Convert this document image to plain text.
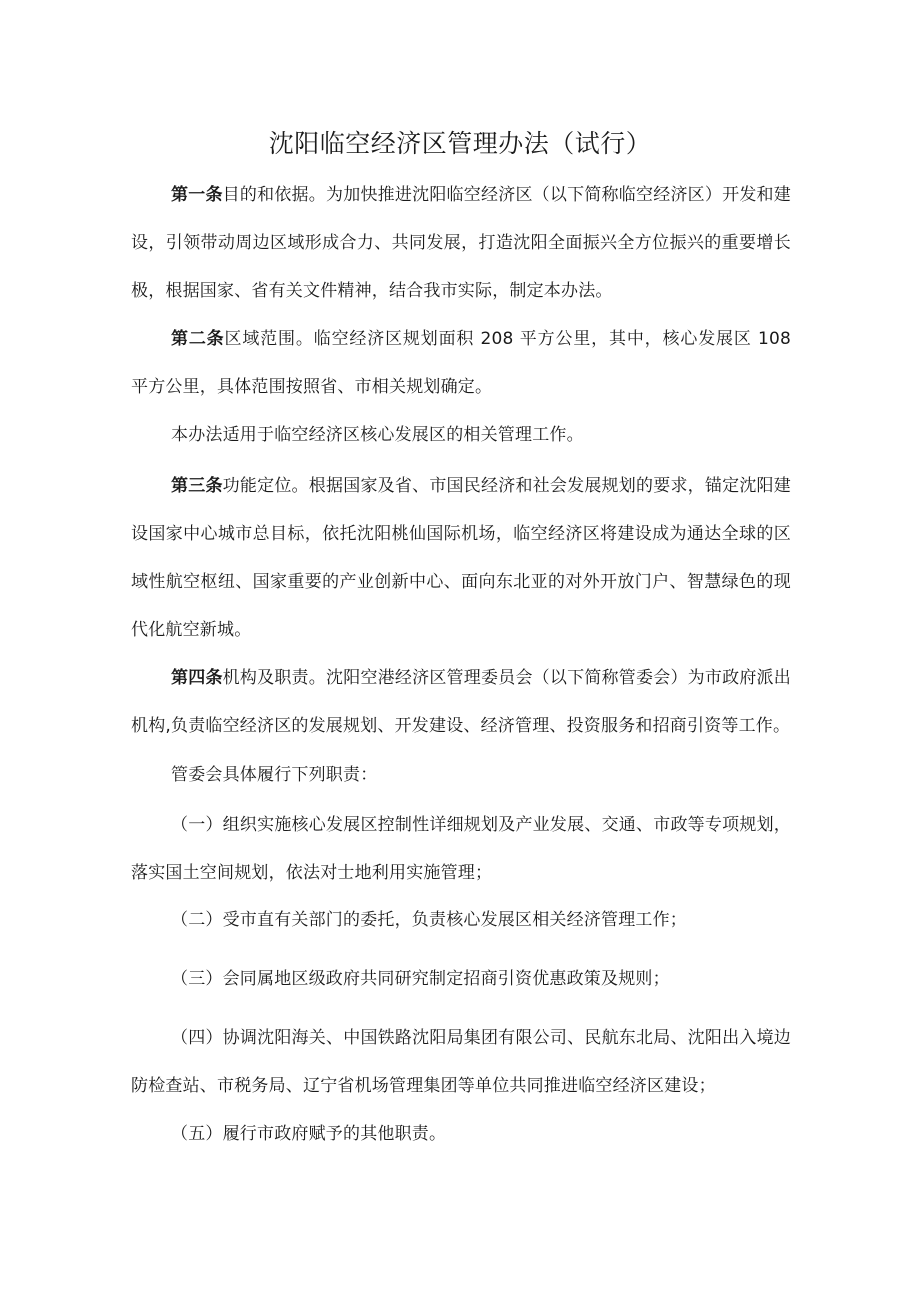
沈阳临空经济区管理办法（试行）

第一条目的和依据。为加快推进沈阳临空经济区（以下简称临空经济区）开发和建设，引领带动周边区域形成合力、共同发展，打造沈阳全面振兴全方位振兴的重要增长极，根据国家、省有关文件精神，结合我市实际，制定本办法。

第二条区域范围。临空经济区规划面积 208 平方公里，其中，核心发展区 108 平方公里，具体范围按照省、市相关规划确定。

本办法适用于临空经济区核心发展区的相关管理工作。

第三条功能定位。根据国家及省、市国民经济和社会发展规划的要求，锚定沈阳建设国家中心城市总目标，依托沈阳桃仙国际机场，临空经济区将建设成为通达全球的区域性航空枢纽、国家重要的产业创新中心、面向东北亚的对外开放门户、智慧绿色的现代化航空新城。

第四条机构及职责。沈阳空港经济区管理委员会（以下简称管委会）为市政府派出机构,负责临空经济区的发展规划、开发建设、经济管理、投资服务和招商引资等工作。

管委会具体履行下列职责：

（一）组织实施核心发展区控制性详细规划及产业发展、交通、市政等专项规划，落实国土空间规划，依法对士地利用实施管理；

（二）受市直有关部门的委托，负责核心发展区相关经济管理工作；

（三）会同属地区级政府共同研究制定招商引资优惠政策及规则；

（四）协调沈阳海关、中国铁路沈阳局集团有限公司、民航东北局、沈阳出入境边防检查站、市税务局、辽宁省机场管理集团等单位共同推进临空经济区建设；

（五）履行市政府赋予的其他职责。
